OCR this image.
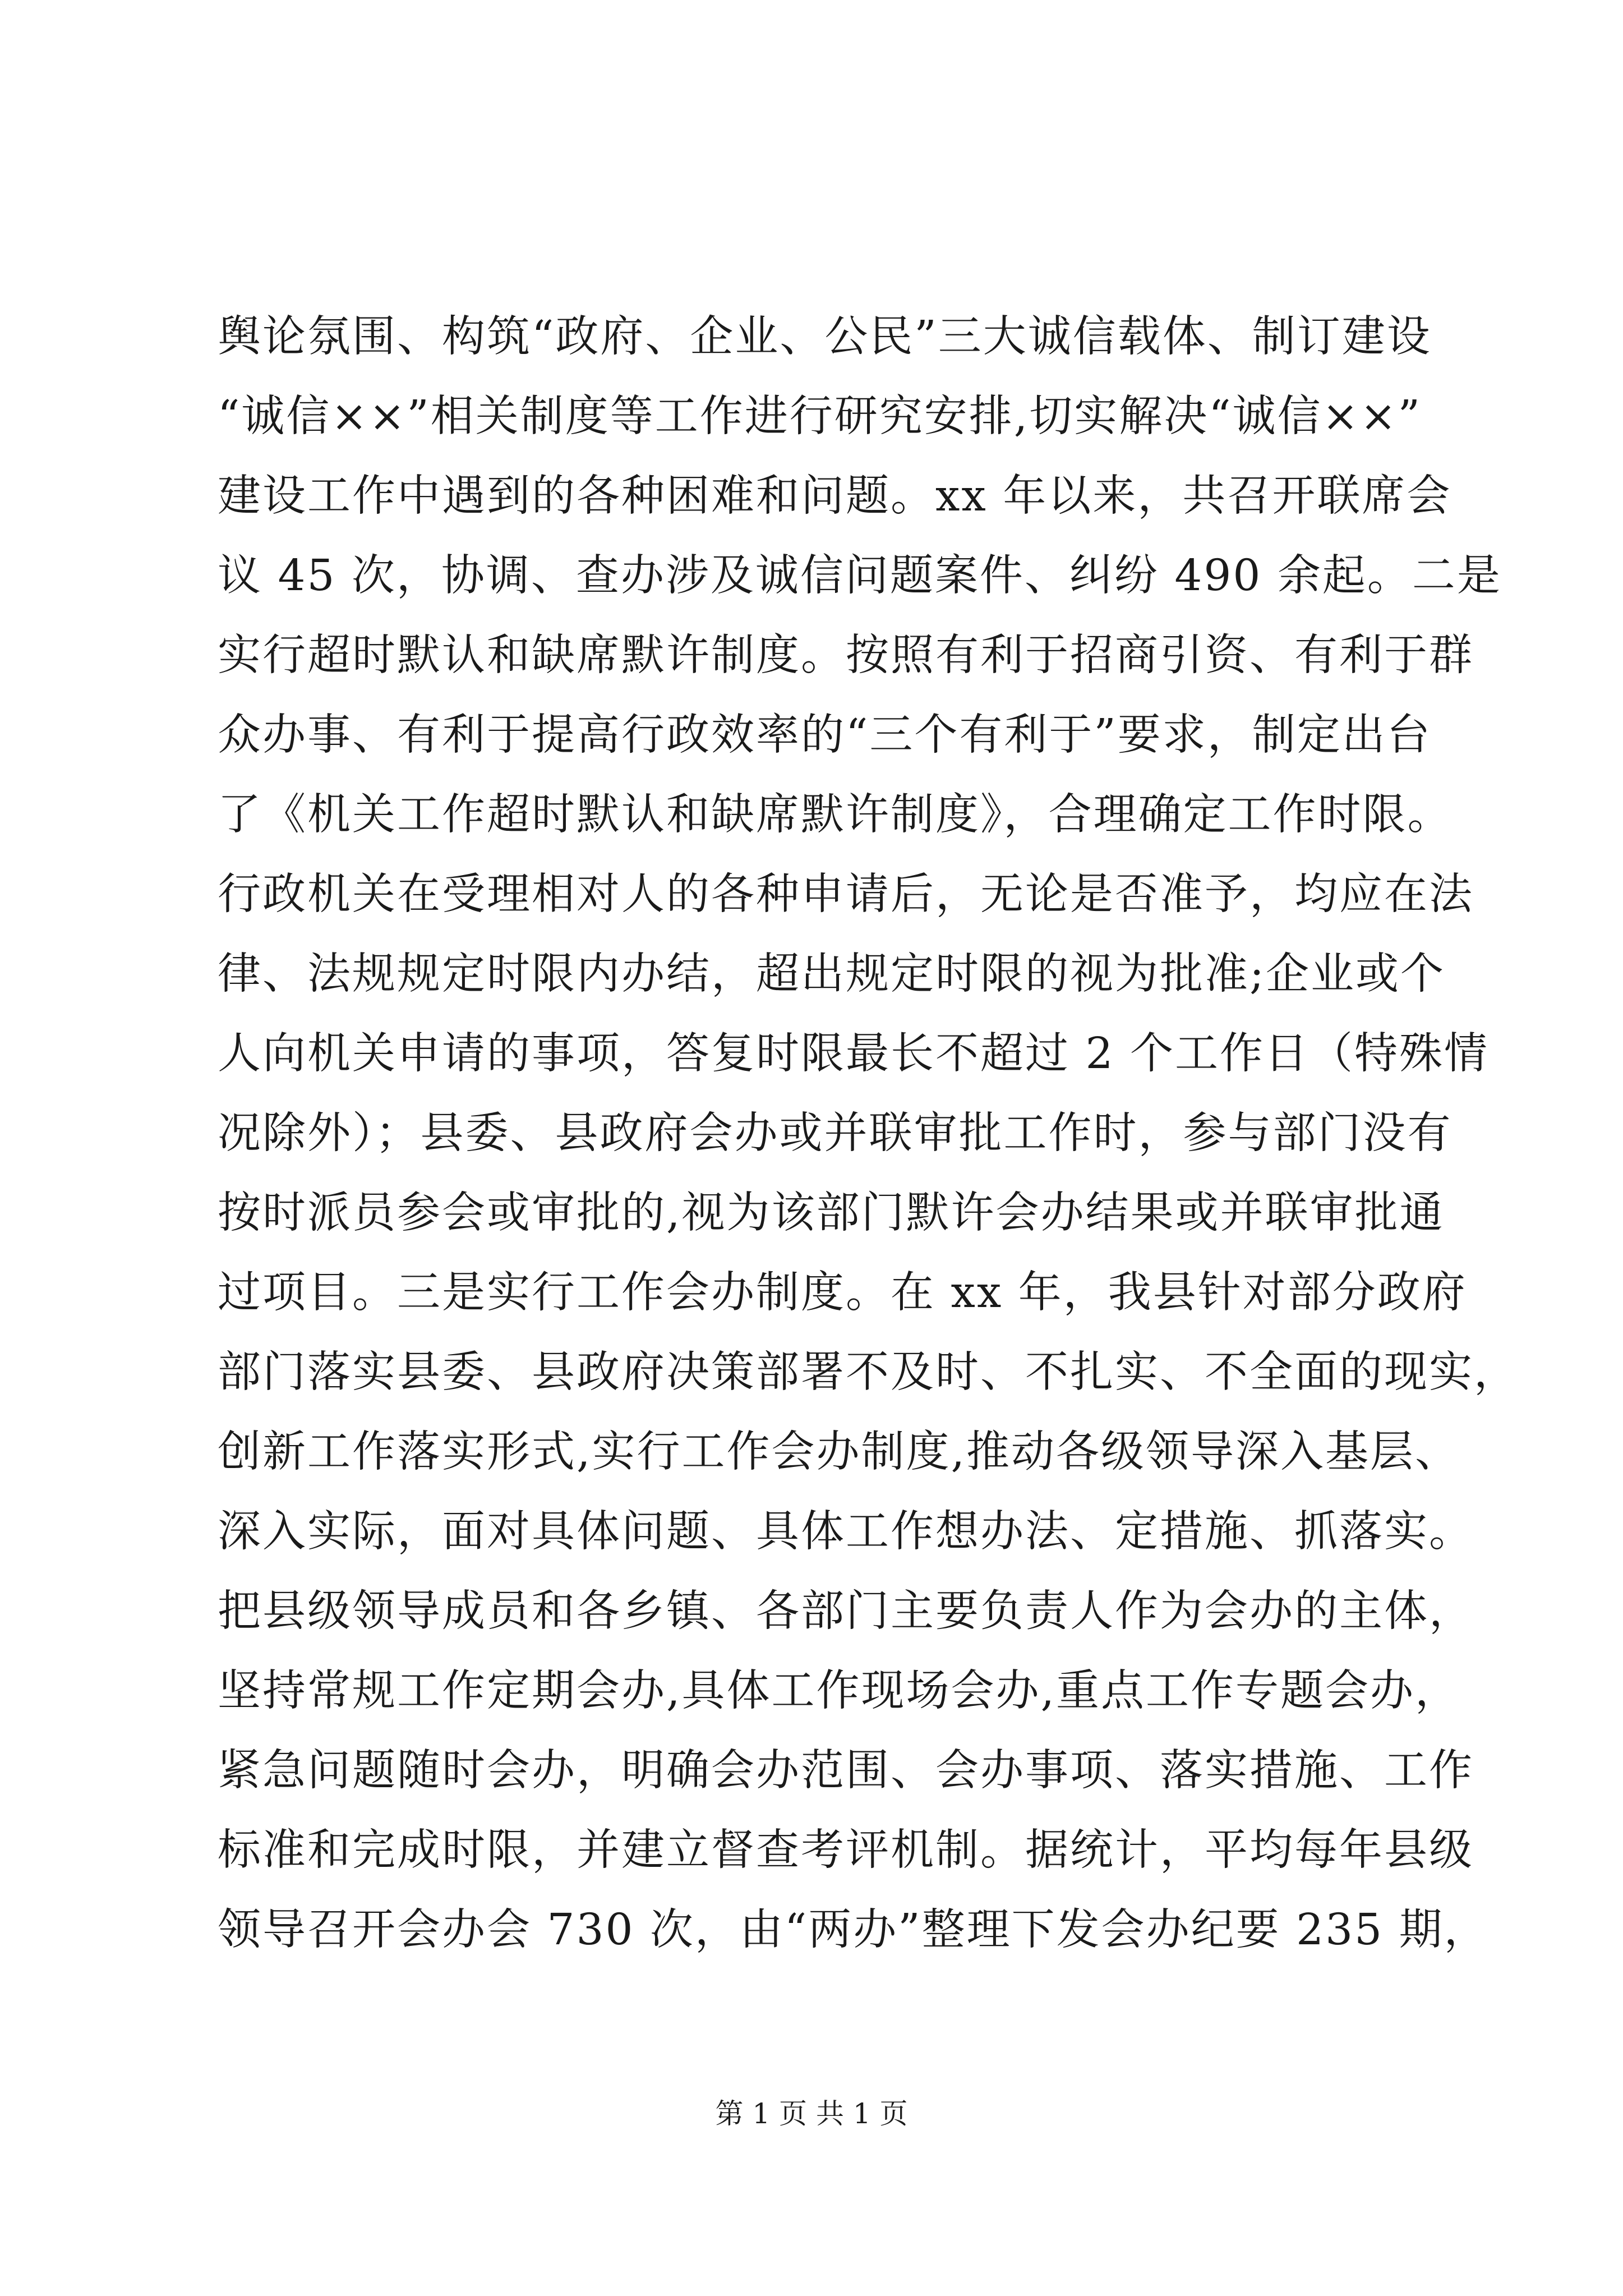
舆论氛围、构筑“政府、企业、公民”三大诚信载体、制订建设
“诚信××”相关制度等工作进行研究安排,切实解决“诚信××”
建设工作中遇到的各种困难和问题。xx 年以来，共召开联席会
议 45 次，协调、查办涉及诚信问题案件、纠纷 490 余起。二是
实行超时默认和缺席默许制度。按照有利于招商引资、有利于群
众办事、有利于提高行政效率的“三个有利于”要求，制定出台
了《机关工作超时默认和缺席默许制度》，合理确定工作时限。
行政机关在受理相对人的各种申请后，无论是否准予，均应在法
律、法规规定时限内办结，超出规定时限的视为批准;企业或个
人向机关申请的事项，答复时限最长不超过 2 个工作日（特殊情
况除外）；县委、县政府会办或并联审批工作时，参与部门没有
按时派员参会或审批的,视为该部门默许会办结果或并联审批通
过项目。三是实行工作会办制度。在 xx 年，我县针对部分政府
部门落实县委、县政府决策部署不及时、不扎实、不全面的现实，
创新工作落实形式,实行工作会办制度,推动各级领导深入基层、
深入实际，面对具体问题、具体工作想办法、定措施、抓落实。
把县级领导成员和各乡镇、各部门主要负责人作为会办的主体，
坚持常规工作定期会办,具体工作现场会办,重点工作专题会办，
紧急问题随时会办，明确会办范围、会办事项、落实措施、工作
标准和完成时限，并建立督查考评机制。据统计，平均每年县级
领导召开会办会 730 次，由“两办”整理下发会办纪要 235 期，
第 1 页 共 1 页
